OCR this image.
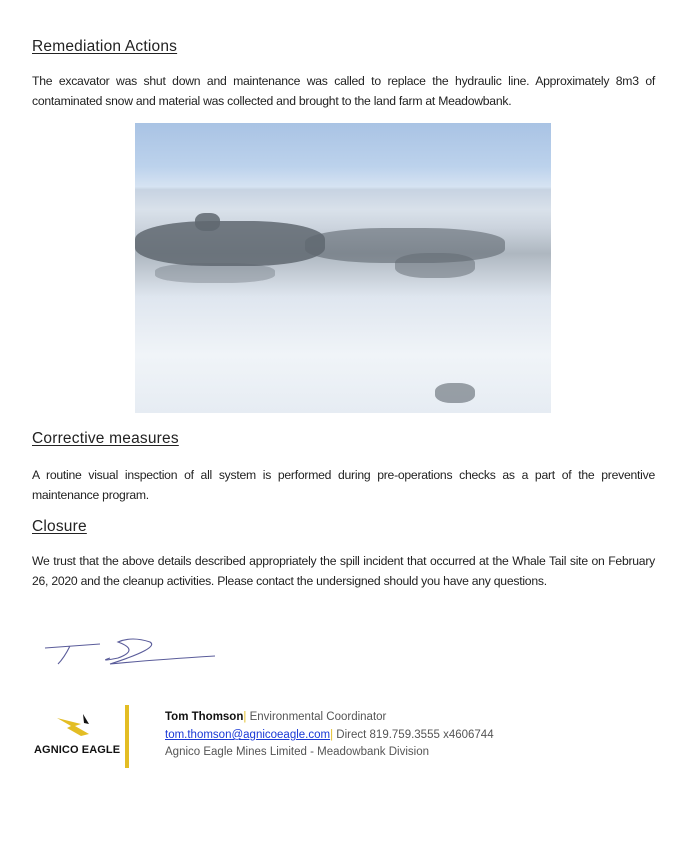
Remediation Actions
The excavator was shut down and maintenance was called to replace the hydraulic line. Approximately 8m3 of contaminated snow and material was collected and brought to the land farm at Meadowbank.
Corrective measures
A routine visual inspection of all system is performed during pre-operations checks as a part of the preventive maintenance program.
Closure
We trust that the above details described appropriately the spill incident that occurred at the Whale Tail site on February 26, 2020 and the cleanup activities. Please contact the undersigned should you have any questions.
AGNICO EAGLE
Tom Thomson| Environmental Coordinator
tom.thomson@agnicoeagle.com| Direct 819.759.3555 x4606744
Agnico Eagle Mines Limited - Meadowbank Division
